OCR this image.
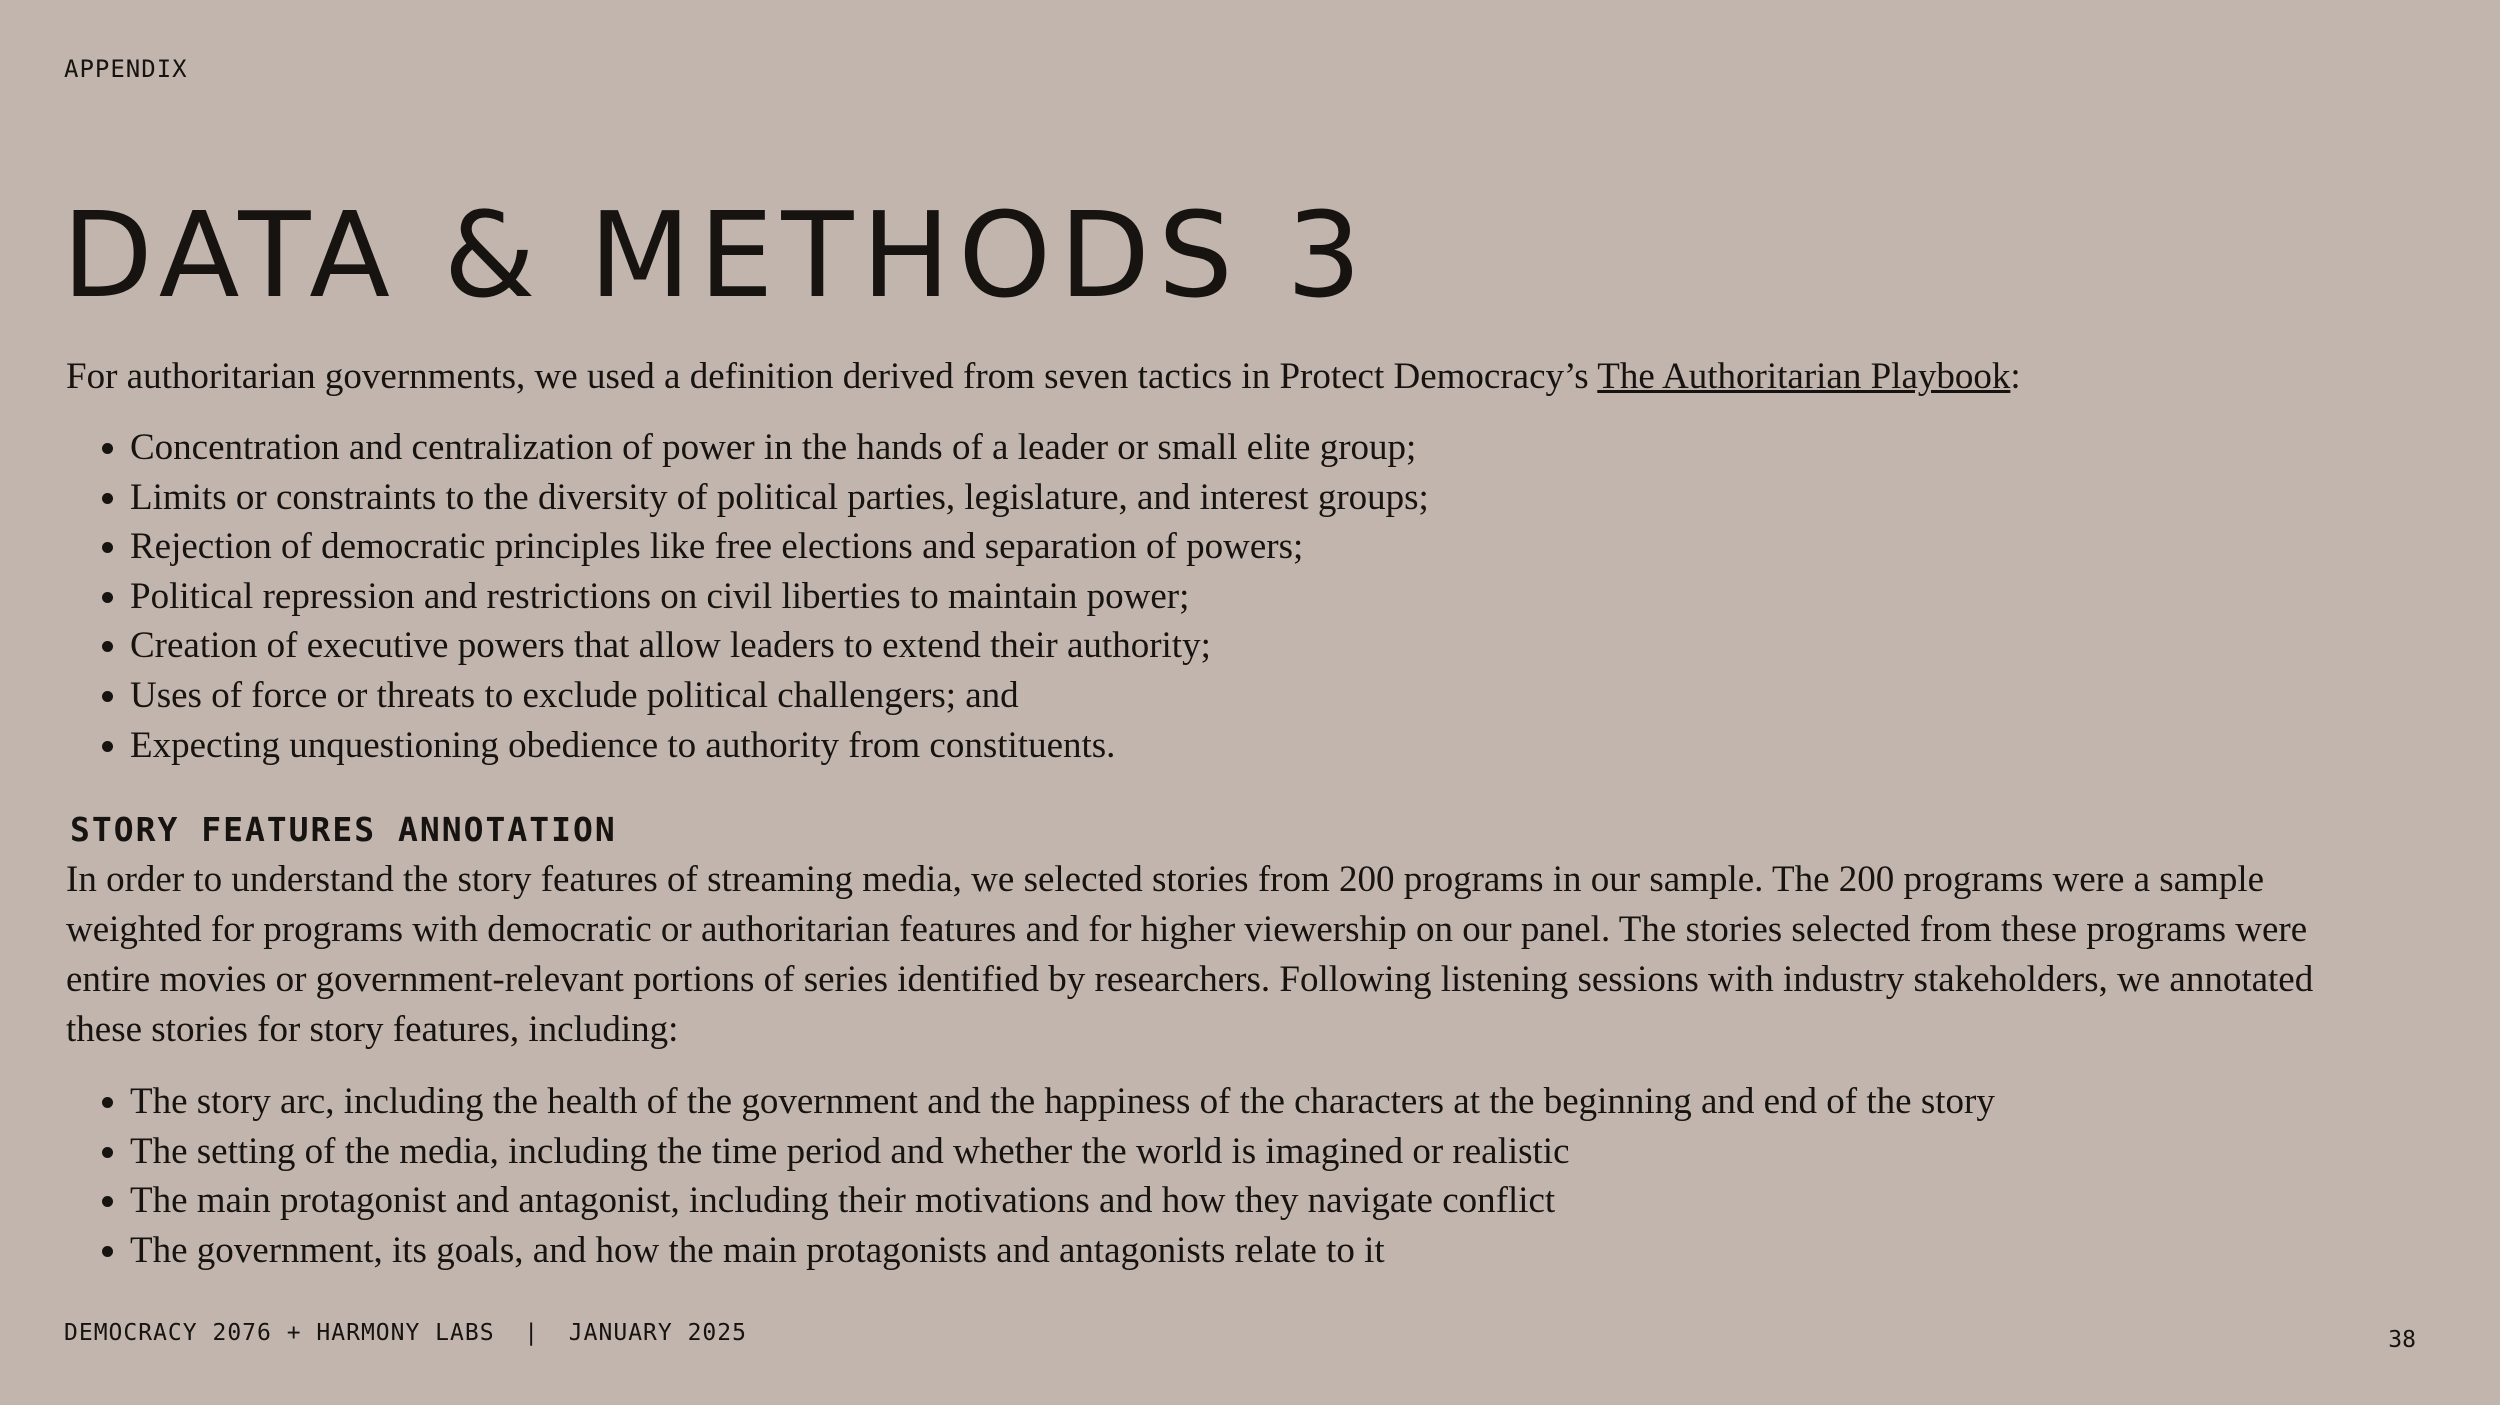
APPENDIX
DATA & METHODS 3

For authoritarian governments, we used a definition derived from seven tactics in Protect Democracy’s The Authoritarian Playbook:

• Concentration and centralization of power in the hands of a leader or small elite group;
• Limits or constraints to the diversity of political parties, legislature, and interest groups;
• Rejection of democratic principles like free elections and separation of powers;
• Political repression and restrictions on civil liberties to maintain power;
• Creation of executive powers that allow leaders to extend their authority;
• Uses of force or threats to exclude political challengers; and
• Expecting unquestioning obedience to authority from constituents.
STORY FEATURES ANNOTATION

In order to understand the story features of streaming media, we selected stories from 200 programs in our sample. The 200 programs were a sample weighted for programs with democratic or authoritarian features and for higher viewership on our panel. The stories selected from these programs were entire movies or government-relevant portions of series identified by researchers. Following listening sessions with industry stakeholders, we annotated these stories for story features, including:

• The story arc, including the health of the government and the happiness of the characters at the beginning and end of the story
• The setting of the media, including the time period and whether the world is imagined or realistic
• The main protagonist and antagonist, including their motivations and how they navigate conflict
• The government, its goals, and how the main protagonists and antagonists relate to it
DEMOCRACY 2076 + HARMONY LABS  |  JANUARY 2025	38
